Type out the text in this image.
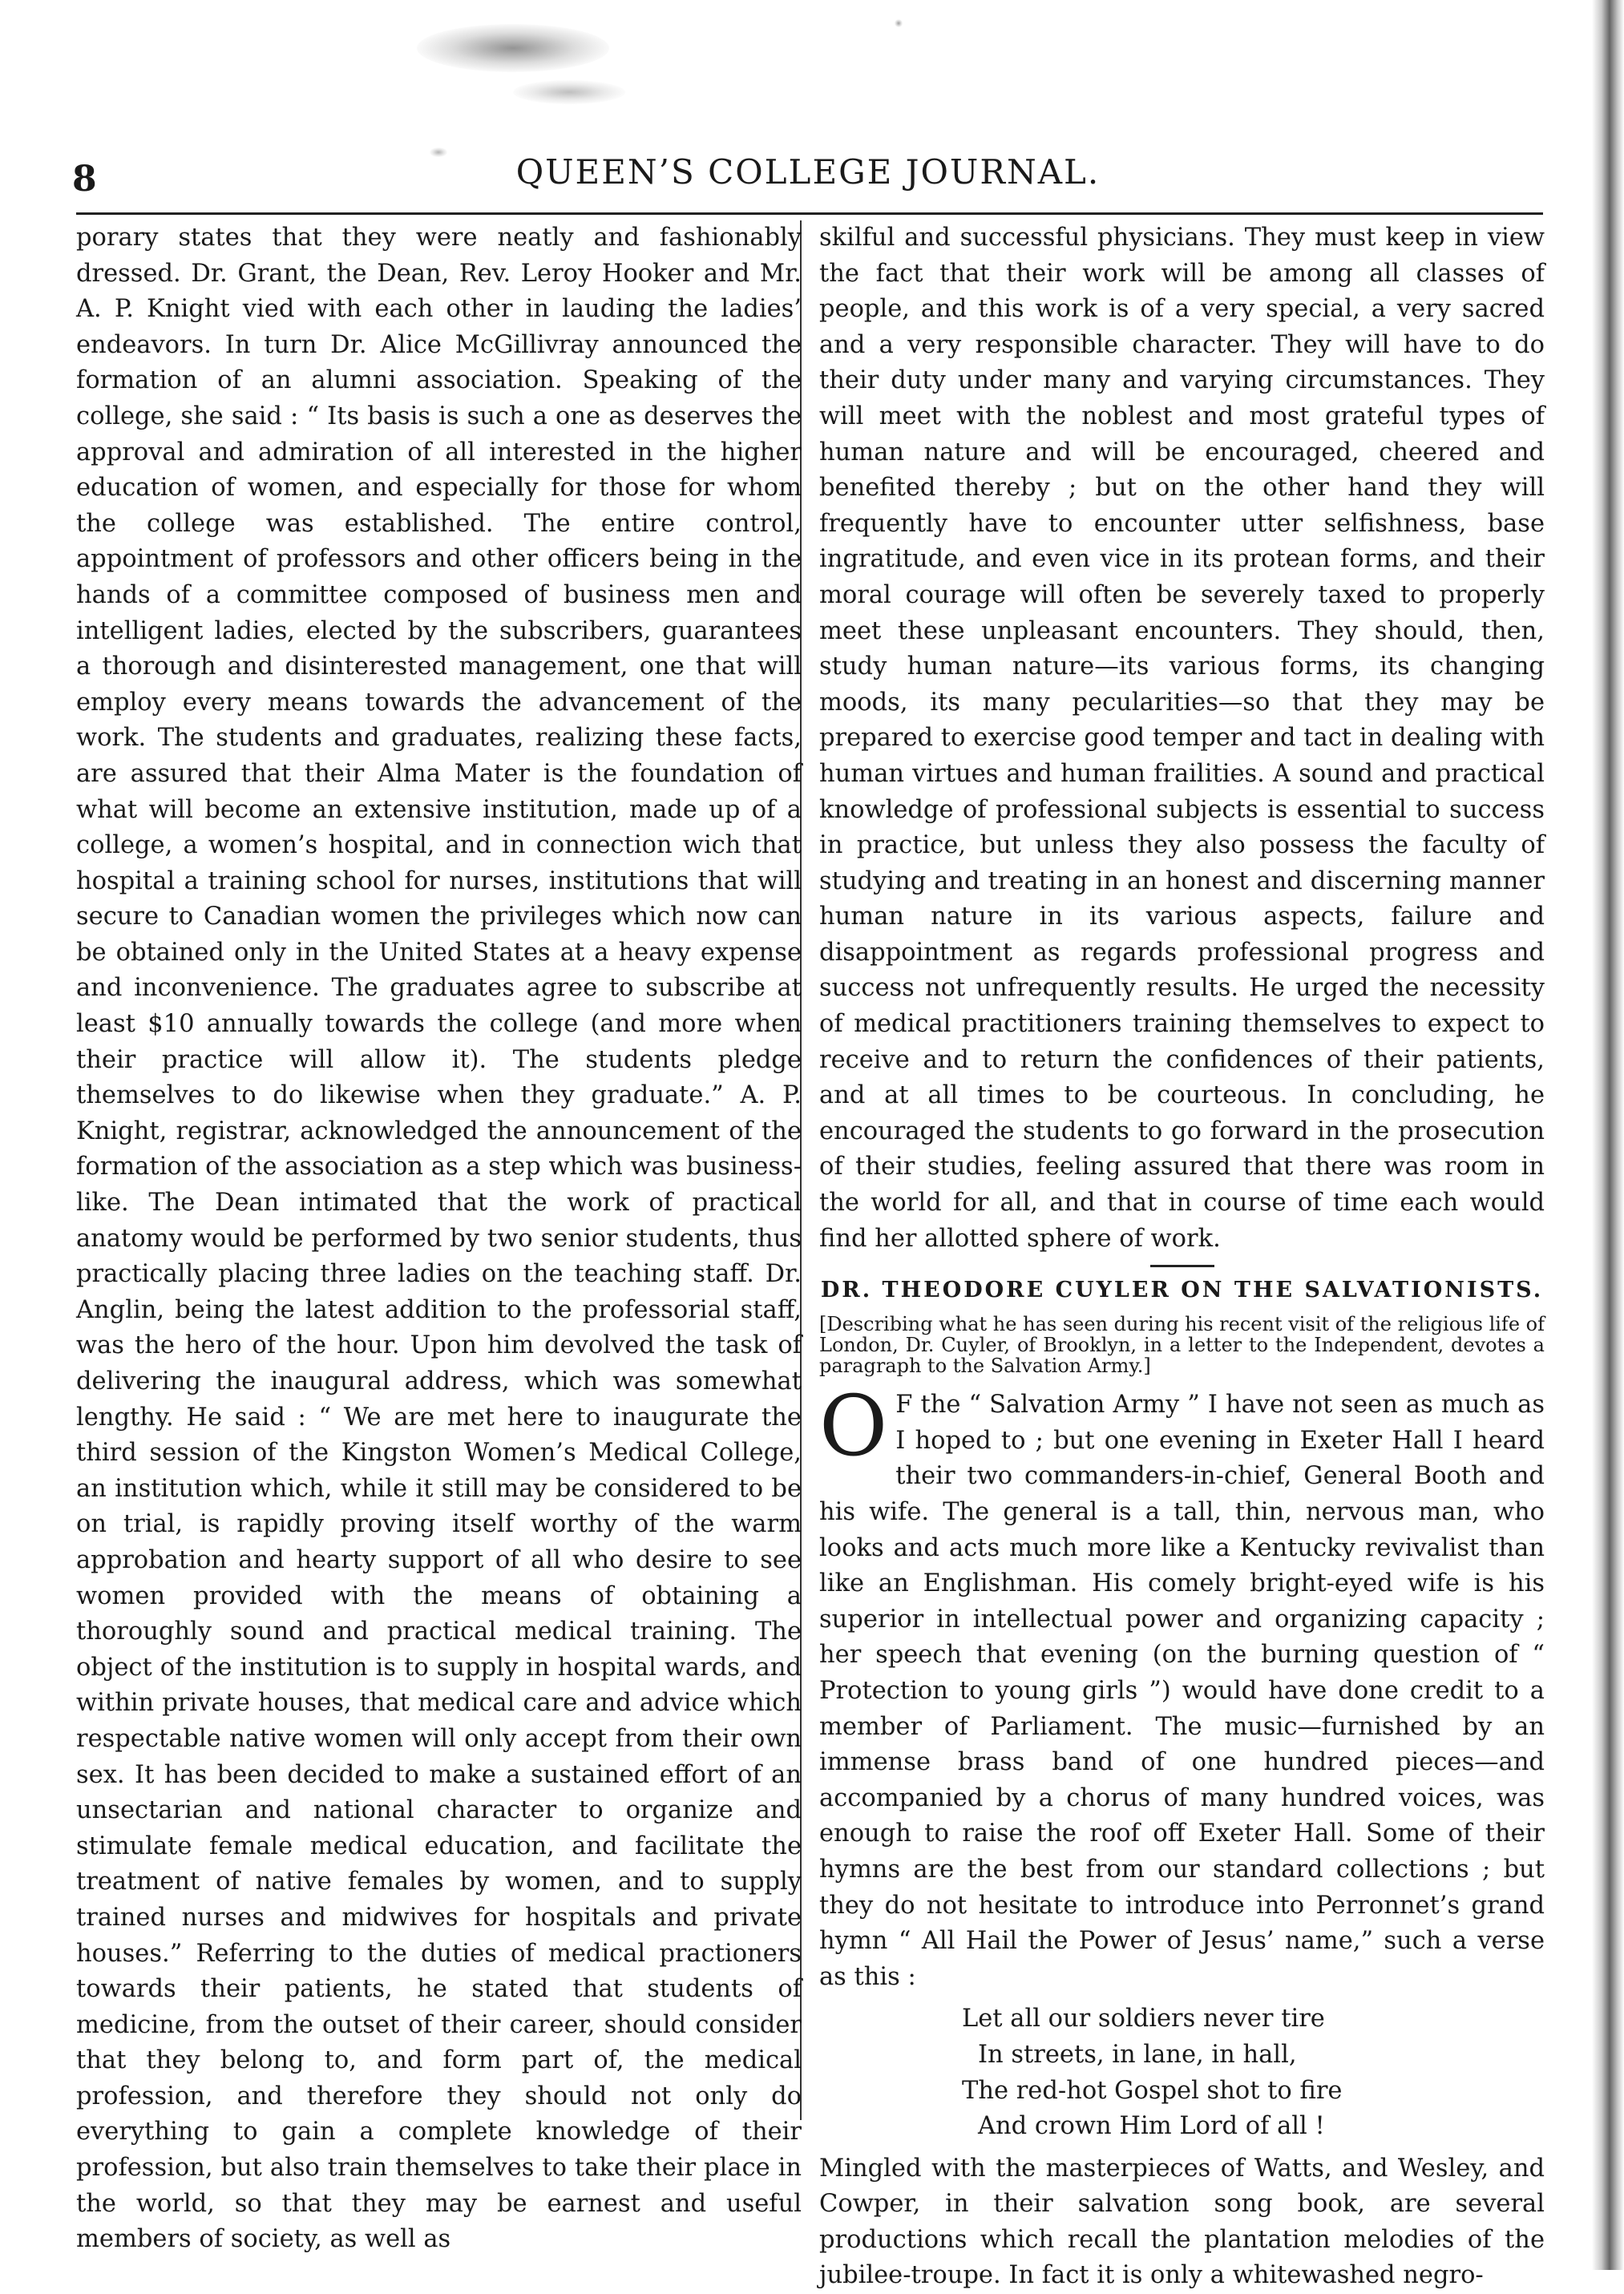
8	QUEEN’S COLLEGE JOURNAL.

porary states that they were neatly and fashionably dressed. Dr. Grant, the Dean, Rev. Leroy Hooker and Mr. A. P. Knight vied with each other in lauding the ladies’ endeavors. In turn Dr. Alice McGillivray announced the formation of an alumni association. Speaking of the college, she said : “ Its basis is such a one as deserves the approval and admiration of all interested in the higher education of women, and especially for those for whom the college was established. The entire control, appointment of professors and other officers being in the hands of a committee composed of business men and intelligent ladies, elected by the subscribers, guarantees a thorough and disinterested management, one that will employ every means towards the advancement of the work. The students and graduates, realizing these facts, are assured that their Alma Mater is the foundation of what will become an extensive institution, made up of a college, a women’s hospital, and in connection wich that hospital a training school for nurses, institutions that will secure to Canadian women the privileges which now can be obtained only in the United States at a heavy expense and inconvenience. The graduates agree to subscribe at least $10 annually towards the college (and more when their practice will allow it). The students pledge themselves to do likewise when they graduate.” A. P. Knight, registrar, acknowledged the announcement of the formation of the association as a step which was business-like. The Dean intimated that the work of practical anatomy would be performed by two senior students, thus practically placing three ladies on the teaching staff. Dr. Anglin, being the latest addition to the professorial staff, was the hero of the hour. Upon him devolved the task of delivering the inaugural address, which was somewhat lengthy. He said : “ We are met here to inaugurate the third session of the Kingston Women’s Medical College, an institution which, while it still may be considered to be on trial, is rapidly proving itself worthy of the warm approbation and hearty support of all who desire to see women provided with the means of obtaining a thoroughly sound and practical medical training. The object of the institution is to supply in hospital wards, and within private houses, that medical care and advice which respectable native women will only accept from their own sex. It has been decided to make a sustained effort of an unsectarian and national character to organize and stimulate female medical education, and facilitate the treatment of native females by women, and to supply trained nurses and midwives for hospitals and private houses.” Referring to the duties of medical practioners towards their patients, he stated that students of medicine, from the outset of their career, should consider that they belong to, and form part of, the medical profession, and therefore they should not only do everything to gain a complete knowledge of their profession, but also train themselves to take their place in the world, so that they may be earnest and useful members of society, as well as

skilful and successful physicians. They must keep in view the fact that their work will be among all classes of people, and this work is of a very special, a very sacred and a very responsible character. They will have to do their duty under many and varying circumstances. They will meet with the noblest and most grateful types of human nature and will be encouraged, cheered and benefited thereby ; but on the other hand they will frequently have to encounter utter selfishness, base ingratitude, and even vice in its protean forms, and their moral courage will often be severely taxed to properly meet these unpleasant encounters. They should, then, study human nature—its various forms, its changing moods, its many pecularities—so that they may be prepared to exercise good temper and tact in dealing with human virtues and human frailities. A sound and practical knowledge of professional subjects is essential to success in practice, but unless they also possess the faculty of studying and treating in an honest and discerning manner human nature in its various aspects, failure and disappointment as regards professional progress and success not unfrequently results. He urged the necessity of medical practitioners training themselves to expect to receive and to return the confidences of their patients, and at all times to be courteous. In concluding, he encouraged the students to go forward in the prosecution of their studies, feeling assured that there was room in the world for all, and that in course of time each would find her allotted sphere of work.

DR. THEODORE CUYLER ON THE SALVATIONISTS.

[Describing what he has seen during his recent visit of the religious life of London, Dr. Cuyler, of Brooklyn, in a letter to the Independent, devotes a paragraph to the Salvation Army.]

O F the “ Salvation Army ” I have not seen as much as I hoped to ; but one evening in Exeter Hall I heard their two commanders-in-chief, General Booth and his wife. The general is a tall, thin, nervous man, who looks and acts much more like a Kentucky revivalist than like an Englishman. His comely bright-eyed wife is his superior in intellectual power and organizing capacity ; her speech that evening (on the burning question of “ Protection to young girls ”) would have done credit to a member of Parliament. The music—furnished by an immense brass band of one hundred pieces—and accompanied by a chorus of many hundred voices, was enough to raise the roof off Exeter Hall. Some of their hymns are the best from our standard collections ; but they do not hesitate to introduce into Perronnet’s grand hymn “ All Hail the Power of Jesus’ name,” such a verse as this :

Let all our soldiers never tire
In streets, in lane, in hall,
The red-hot Gospel shot to fire
And crown Him Lord of all !

Mingled with the masterpieces of Watts, and Wesley, and Cowper, in their salvation song book, are several productions which recall the plantation melodies of the jubilee-troupe. In fact it is only a whitewashed negro-
